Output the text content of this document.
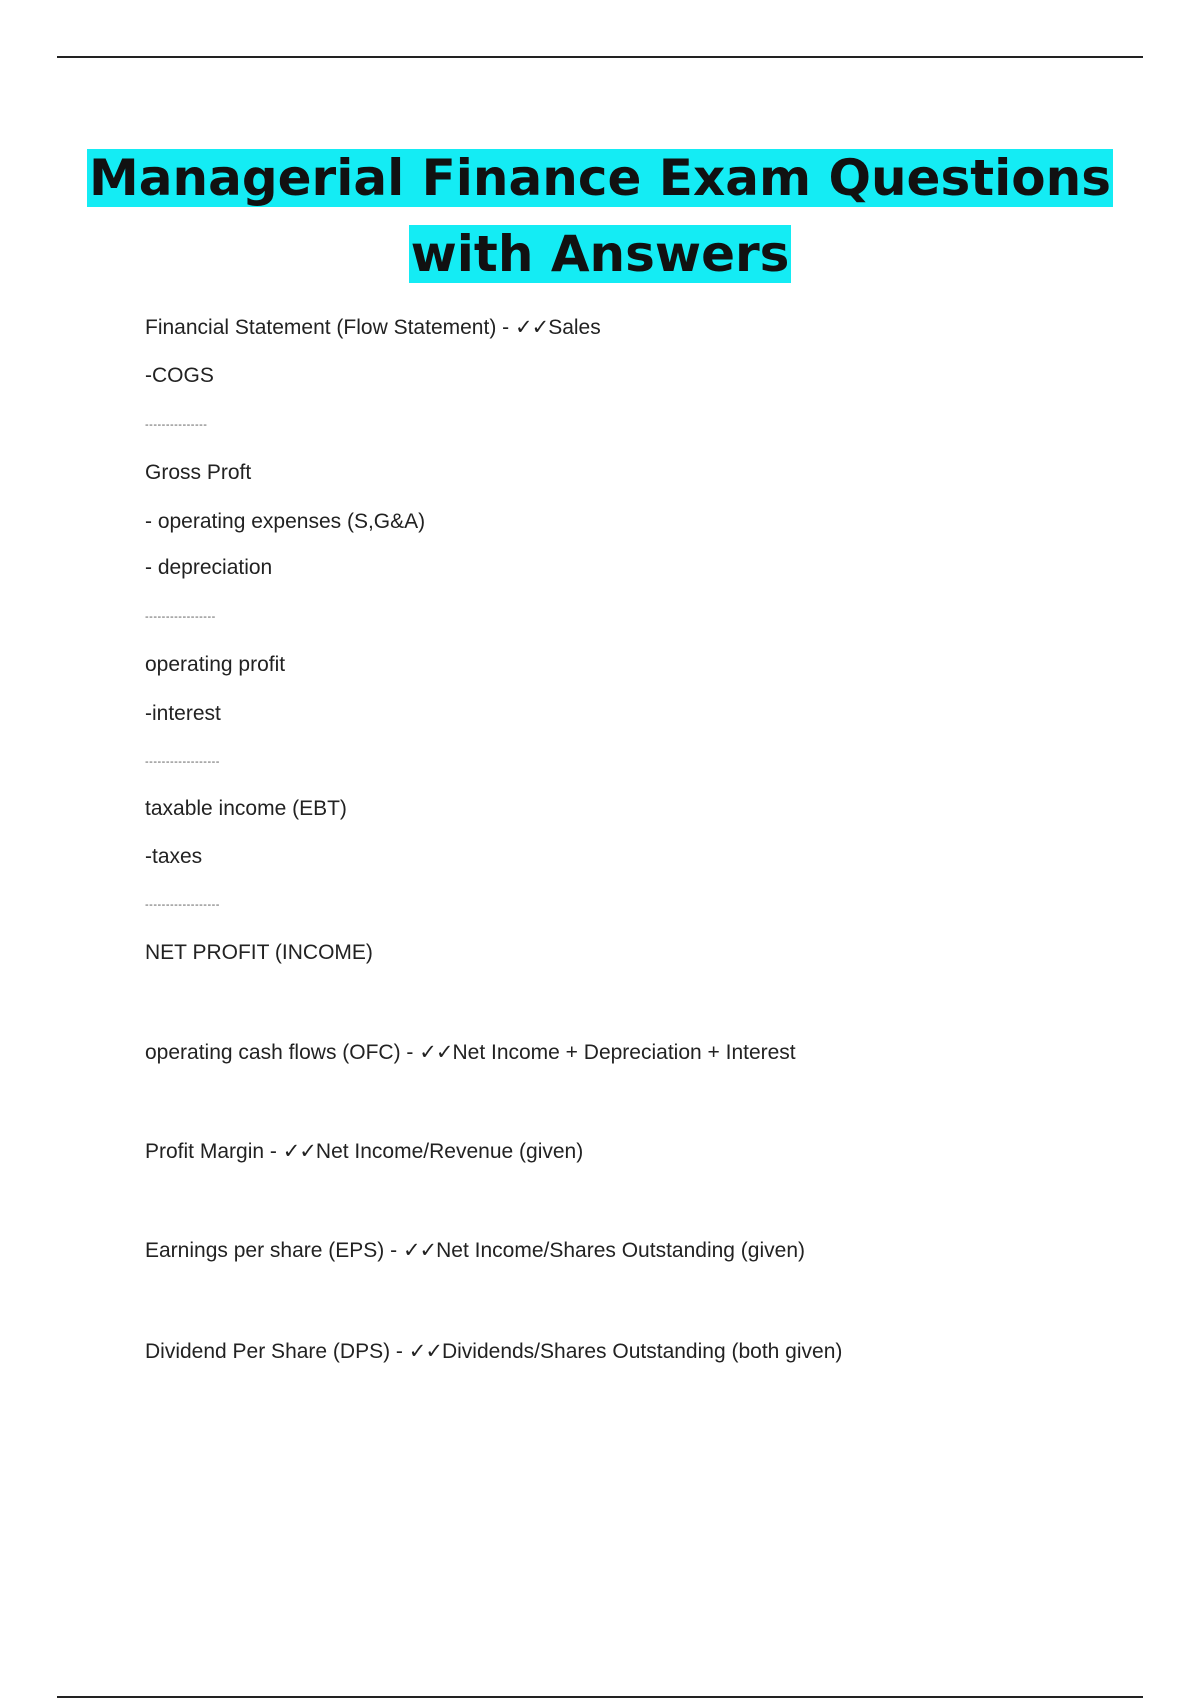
Managerial Finance Exam Questions
with Answers
Financial Statement (Flow Statement) - ✓✓Sales
-COGS
---------------
Gross Proft
- operating expenses (S,G&A)
- depreciation
-----------------
operating profit
-interest
------------------
taxable income (EBT)
-taxes
------------------
NET PROFIT (INCOME)
operating cash flows (OFC) - ✓✓Net Income + Depreciation + Interest
Profit Margin - ✓✓Net Income/Revenue (given)
Earnings per share (EPS) - ✓✓Net Income/Shares Outstanding (given)
Dividend Per Share (DPS) - ✓✓Dividends/Shares Outstanding (both given)
